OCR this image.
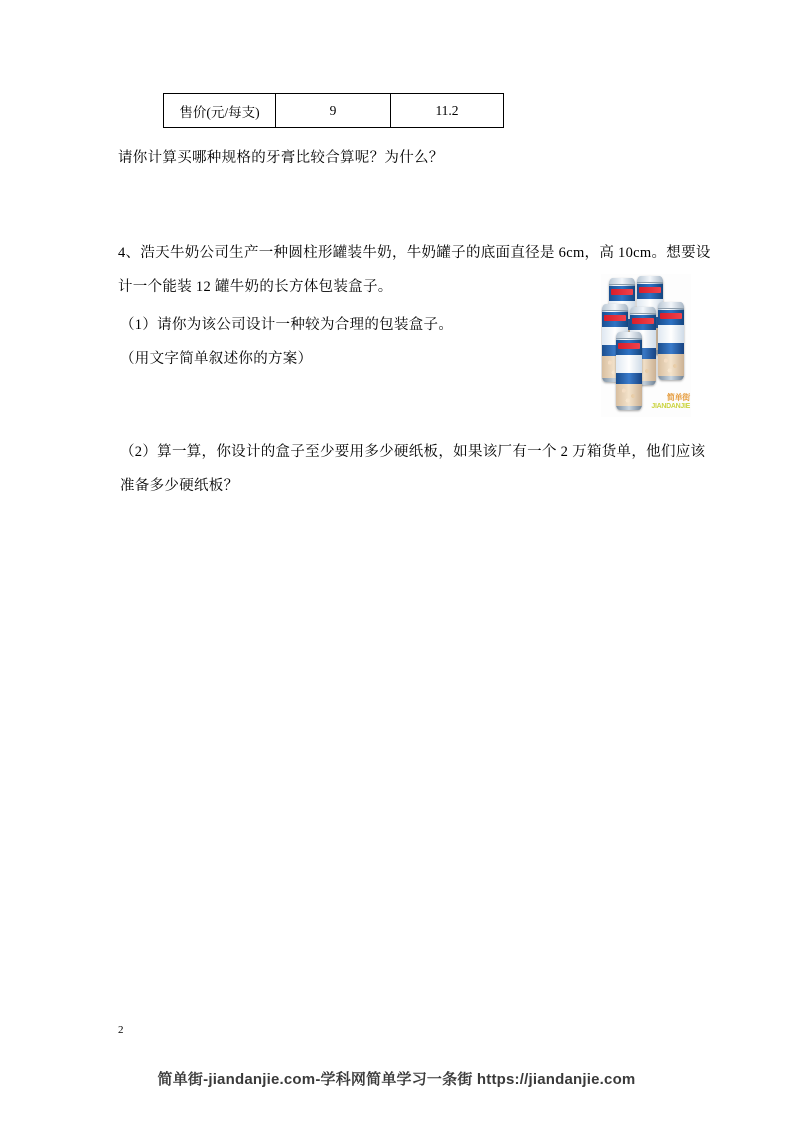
售价(元/每支)	9	11.2
请你计算买哪种规格的牙膏比较合算呢？为什么？
4、浩天牛奶公司生产一种圆柱形罐装牛奶，牛奶罐子的底面直径是 6cm，高 10cm。想要设
计一个能装 12 罐牛奶的长方体包装盒子。
（1）请你为该公司设计一种较为合理的包装盒子。
（用文字简单叙述你的方案）
（2）算一算，你设计的盒子至少要用多少硬纸板，如果该厂有一个 2 万箱货单，他们应该
准备多少硬纸板？
简单街
JIANDANJIE
2
简单街-jiandanjie.com-学科网简单学习一条街 https://jiandanjie.com
